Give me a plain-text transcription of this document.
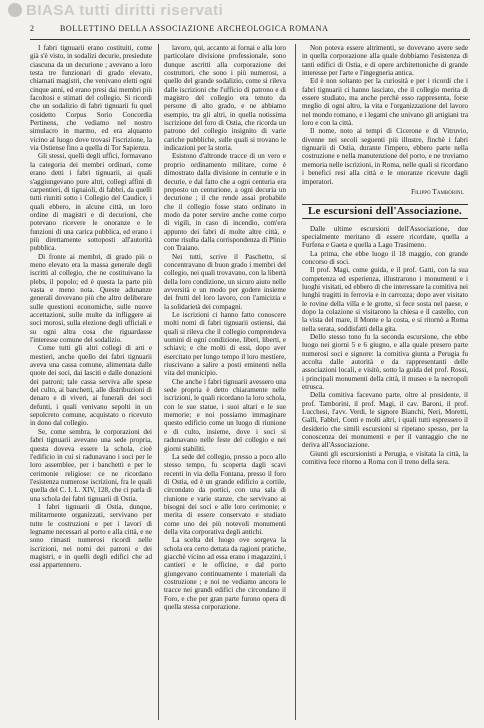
BIASA tutti diritti riservati
2	BOLLETTINO DELLA ASSOCIAZIONE ARCHEOLOGICA ROMANA

I fabri tignuarii erano costituiti, come già s'è visto, in sodalizi decurie, presiedute ciascuna da un decurione ; avevano a loro testa tre funzionari di grado elevato, chiamati magistri, che venivano eletti ogni cinque anni, ed erano presi dai membri più facoltosi e stimati del collegio. Si ricordi che un sodalizio di fabri tignuarii fu quel cosidetto Corpus Sorio Concordia Pertinens, che vediamo nel nostro simulacro in marmo, ed era alquanto vicino al luogo dove trovasi l'iscrizione, la via Ostiense fino a quella di Tor Sapienza.

Gli stessi, quelli degli uffici, formavano la categoria dei membri ordinari, come erano detti i fabri tignuarii, ai quali s'aggiungevano pure altri, collegi affini di carpentieri, di tignaioli, di fabbri, da quelli tutti riuniti sotto i Collegio del Caudice, i quali ebbero, in alcune città, un loro ordine di magistri e di decurioni, che potevano ricevere le onoranze e le funzioni di una carica pubblica, ed erano i più direttamente sottoposti all'autorità pubblica.

Di fronte ai membri, di grado più o meno elevato era la massa generale degli iscritti al collegio, che ne costituivano la plebs, il popolo; ed è questa la parte più vasta e meno nota. Queste adunanze generali dovevano più che altro deliberare sulle questioni economiche, sulle nuove accettazioni, sulle multe da infliggere ai soci morosi, sulla elezione degli ufficiali e su ogni altra cosa che riguardasse l'interesse comune del sodalizio.

Come tutti gli altri collegi di arti e mestieri, anche quello dei fabri tignuarii aveva una cassa comune, alimentata dalle quote dei soci, dai lasciti e dalle donazioni dei patroni; tale cassa serviva alle spese del culto, ai banchetti, alle distribuzioni di denaro e di viveri, ai funerali dei soci defunti, i quali venivano sepolti in un sepolcreto comune, acquistato o ricevuto in dono dal collegio.

Se, come sembra, le corporazioni dei fabri tignuarii avevano una sede propria, questa doveva essere la schola, cioè l'edificio in cui si radunavano i soci per le loro assemblee, per i banchetti e per le cerimonie religiose: ce ne ricordano l'esistenza numerose iscrizioni, fra le quali quella del C. I. L. XIV, 128, che ci parla di una schola dei fabri tignuarii di Ostia.

I fabri tignuarii di Ostia, dunque, militarmente organizzati, servivano per tutte le costruzioni e per i lavori di legname necessari al porto e alla città, e ne sono rimasti numerosi ricordi nelle iscrizioni, nei nomi dei patroni e dei magistri, e in quelli degli edifici che ad essi appartennero.

lavoro, qui, accanto ai fornai e alla loro particolare divisione professionale, sono dunque ascritti alla corporazione dei costruttori, che sono i più numerosi, a quello del grande sodalizio, come si rileva dalle iscrizioni che l'ufficio di patrono e di magistro del collegio era tenuto da persone di alto grado, e ne abbiamo esempio, tra gli altri, in quella notissima iscrizione del foro di Ostia, che ricorda un patrono del collegio insignito di varie cariche pubbliche, sulle quali si trovano le indicazioni per la storia.

Esistono d'altronde tracce di un vero e proprio ordinamento militare, come è dimostrato dalla divisione in centurie e in decurie, e dal fatto che a ogni centuria era preposto un centurione, a ogni decuria un decurione ; il che rende assai probabile che il collegio fosse stato ordinato in modo da poter servire anche come corpo di vigili, in caso di incendio, com'era appunto dei fabri di molte altre città, e come risulta dalla corrispondenza di Plinio con Traiano.

Nei tutti, scrive il Paschetto, si concentravano di buon grado i membri del collegio, nei quali trovavano, con la libertà della loro condizione, un sicuro aiuto nelle avversità e un modo per godere insieme dei frutti del loro lavoro, con l'amicizia e la solidarietà dei compagni.

Le iscrizioni ci hanno fatto conoscere molti nomi di fabri tignuarii ostiensi, dai quali si rileva che il collegio comprendeva uomini di ogni condizione, liberi, liberti, e schiavi; e che molti di essi, dopo aver esercitato per lungo tempo il loro mestiere, riuscivano a salire a posti eminenti nella vita del municipio.

Che anche i fabri tignuarii avessero una sede propria è detto chiaramente nelle iscrizioni, le quali ricordano la loro schola, con le sue statue, i suoi altari e le sue memorie; e noi possiamo immaginare questo edificio come un luogo di riunione e di culto, insieme, dove i soci si radunavano nelle feste del collegio e nei giorni stabiliti.

La sede del collegio, presso a poco allo stesso tempo, fu scoperta dagli scavi recenti in via della Fontana, presso il foro di Ostia, ed è un grande edificio a cortile, circondato da portici, con una sala di riunione e varie stanze, che servivano ai bisogni dei soci e alle loro cerimonie; e merita di essere conservato e studiato come uno dei più notevoli monumenti della vita corporativa degli antichi.

La scelta del luogo ove sorgeva la schola era certo dettata da ragioni pratiche, giacchè vicino ad essa erano i magazzini, i cantieri e le officine, e dal porto giungevano continuamente i materiali da costruzione ; e noi ne vediamo ancora le tracce nei grandi edifici che circondano il Foro, e che per gran parte furono opera di quella stessa corporazione.

Non poteva essere altrimenti, se dovevano avere sede in quella corporazione alla quale dobbiamo l'esistenza di tanti edifici di Ostia, e di opere architettoniche di grande interesse per l'arte e l'ingegneria antica.

Ed è non soltanto per la curiosità e per i ricordi che i fabri tignuarii ci hanno lasciato, che il collegio merita di essere studiato, ma anche perchè esso rappresenta, forse meglio di ogni altro, la vita e l'organizzazione del lavoro nel mondo romano, e i legami che univano gli artigiani tra loro e con la città.

Il nome, noto ai tempi di Cicerone e di Vitruvio, divenne nei secoli seguenti più illustre, finchè i fabri tignuarii di Ostia, durante l'impero, ebbero parte nella costruzione e nella manutenzione del porto, e ne troviamo memoria nelle iscrizioni, in Roma, nelle quali si ricordano i benefici resi alla città e le onoranze ricevute dagli imperatori.

Filippo Tamborini.
Le escursioni dell'Associazione.

Dalle ultime escursioni dell'Associazione, due specialmente meritano di essere ricordate, quella a Furfena e Gaeta e quella a Lago Trasimeno.

La prima, che ebbe luogo il 18 maggio, con grande concorso di soci.

Il prof. Magi, come guida, e il prof. Gatti, con la sua competenza ed esperienza, illustrarono i monumenti e i luoghi visitati, ed ebbero di che interessare la comitiva nei lunghi tragitti in ferrovia e in carrozza; dopo aver visitato le rovine della villa e le grotte, si fece sosta nel paese, e dopo la colazione si visitarono la chiesa e il castello, con la vista del mare, il Monte e la costa, e si ritornò a Roma nella serata, soddisfatti della gita.

Dello stesso tono fu la seconda escursione, che ebbe luogo nei giorni 5 e 6 giugno, e alla quale presero parte numerosi soci e signore: la comitiva giunta a Perugia fu accolta dalle autorità e da rappresentanti delle associazioni locali, e visitò, sotto la guida del prof. Rossi, i principali monumenti della città, il museo e la necropoli etrusca.

Della comitiva facevano parte, oltre al presidente, il prof. Tamborini, il prof. Magi, il cav. Baroni, il prof. Lucchesi, l'avv. Verdi, le signore Bianchi, Neri, Moretti, Galli, Fabbri, Conti e molti altri, i quali tutti espressero il desiderio che simili escursioni si ripetano spesso, per la conoscenza dei monumenti e per il vantaggio che ne deriva all'Associazione.

Giunti gli escursionisti a Perugia, e visitata la città, la comitiva fece ritorno a Roma con il treno della sera.
